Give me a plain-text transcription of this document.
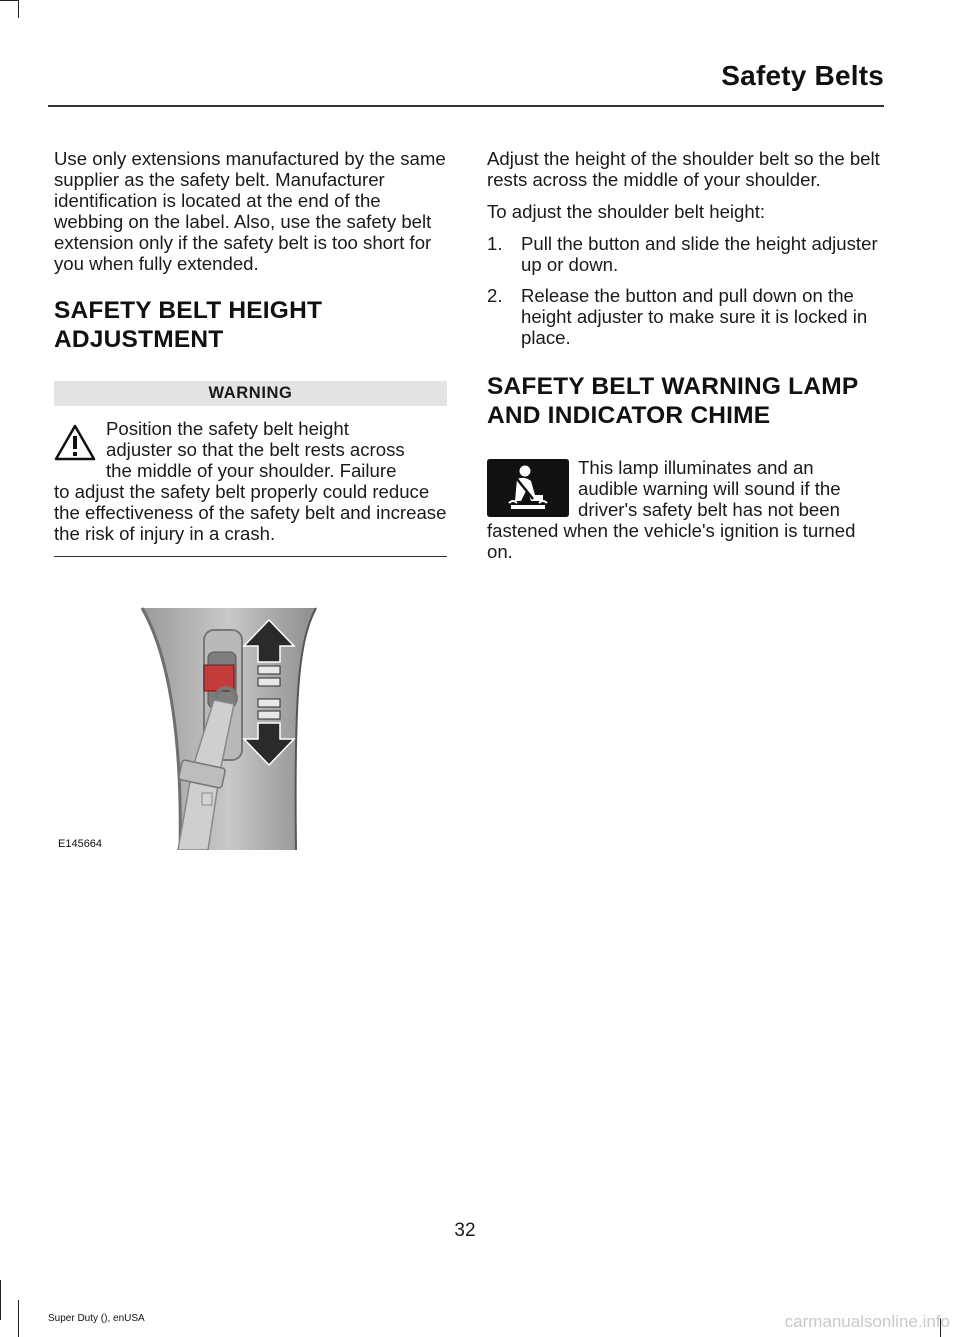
Safety Belts

Use only extensions manufactured by the same supplier as the safety belt. Manufacturer identification is located at the end of the webbing on the label. Also, use the safety belt extension only if the safety belt is too short for you when fully extended.

SAFETY BELT HEIGHT
ADJUSTMENT
WARNING
Position the safety belt height
adjuster so that the belt rests across
the middle of your shoulder. Failure
to adjust the safety belt properly could reduce the effectiveness of the safety belt and increase the risk of injury in a crash.
E145664

Adjust the height of the shoulder belt so the belt rests across the middle of your shoulder.

To adjust the shoulder belt height:

1. Pull the button and slide the height adjuster up or down.
2. Release the button and pull down on the height adjuster to make sure it is locked in place.
SAFETY BELT WARNING LAMP
AND INDICATOR CHIME
This lamp illuminates and an
audible warning will sound if the
driver's safety belt has not been
fastened when the vehicle's ignition is turned on.
32
Super Duty (), enUSA	carmanualsonline.info
